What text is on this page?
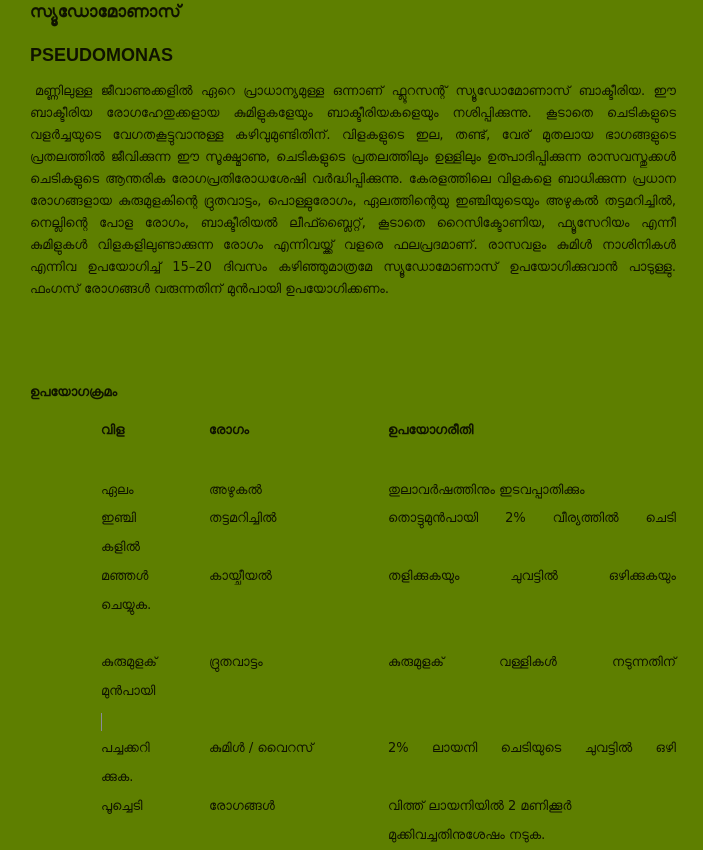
സ്യൂഡോമോണാസ്
PSEUDOMONAS

മണ്ണിലുള്ള ജീവാണുക്കളിൽ ഏറെ പ്രാധാന്യമുള്ള ഒന്നാണ് ഫ്ലൂറസന്റ് സ്യൂഡോമോണാസ് ബാക്ടീരിയ. ഈ ബാക്ടീരിയ രോഗഹേതുക്കളായ കുമിളുകളേയും ബാക്ടീരിയകളെയും നശിപ്പിക്കുന്നു. കൂടാതെ ചെടികളുടെ വളർച്ചയുടെ വേഗതകൂട്ടുവാനുള്ള കഴിവുമുണ്ടിതിന്. വിളകളുടെ ഇല, തണ്ട്, വേര് മുതലായ ഭാഗങ്ങളുടെ പ്രതലത്തിൽ ജീവിക്കുന്ന ഈ സൂക്ഷ്മാണു, ചെടികളുടെ പ്രതലത്തിലും ഉള്ളിലും ഉത്പാദിപ്പിക്കുന്ന രാസവസ്തുക്കൾ ചെടികളുടെ ആന്തരിക രോഗപ്രതിരോധശേഷി വർദ്ധിപ്പിക്കുന്നു. കേരളത്തിലെ വിളകളെ ബാധിക്കുന്ന പ്രധാന രോഗങ്ങളായ കുരുമുളകിന്റെ ദ്രുതവാട്ടം, പൊള്ളുരോഗം, ഏലത്തിന്റെയു ഇഞ്ചിയുടെയും അഴുകൽ തട്ടമറിച്ചിൽ, നെല്ലിന്റെ പോള രോഗം, ബാക്ടീരിയൽ ലീഫ്ബ്ലൈറ്റ്, കൂടാതെ റൈസിക്ടോണിയ, ഫ്യൂസേറിയം എന്നീ കുമിളുകൾ വിളകളിലുണ്ടാക്കുന്ന രോഗം എന്നിവയ്ക്ക് വളരെ ഫലപ്രദമാണ്. രാസവളം കുമിൾ നാശിനികൾ എന്നിവ ഉപയോഗിച്ച് 15–20 ദിവസം കഴിഞ്ഞുമാത്രമേ സ്യൂഡോമോണാസ് ഉപയോഗിക്കുവാൻ പാടുള്ളു. ഫംഗസ് രോഗങ്ങൾ വരുന്നതിന് മുൻപായി ഉപയോഗിക്കണം.

ഉപയോഗക്രമം
വിള	രോഗം	ഉപയോഗരീതി
ഏലം	അഴുകൽ	തുലാവർഷത്തിനും ഇടവപ്പാതിക്കും
ഇഞ്ചി	തട്ടമറിച്ചിൽ	തൊട്ടുമുൻപായി 2% വീര്യത്തിൽ ചെടി
കളിൽ
മഞ്ഞൾ	കായ്ചീയൽ	തളിക്കുകയും ചുവട്ടിൽ ഒഴിക്കുകയും
ചെയ്യുക.
കുരുമുളക്	ദ്രുതവാട്ടം	കുരുമുളക് വള്ളികൾ നടുന്നതിന്
മുൻപായി
പച്ചക്കറി	കുമിൾ / വൈറസ്	2% ലായനി ചെടിയുടെ ചുവട്ടിൽ ഒഴി
ക്കുക.
പൂച്ചെടി	രോഗങ്ങൾ	വിത്ത് ലായനിയിൽ 2 മണിക്കൂർ
മുക്കിവച്ചതിനുശേഷം നടുക.
